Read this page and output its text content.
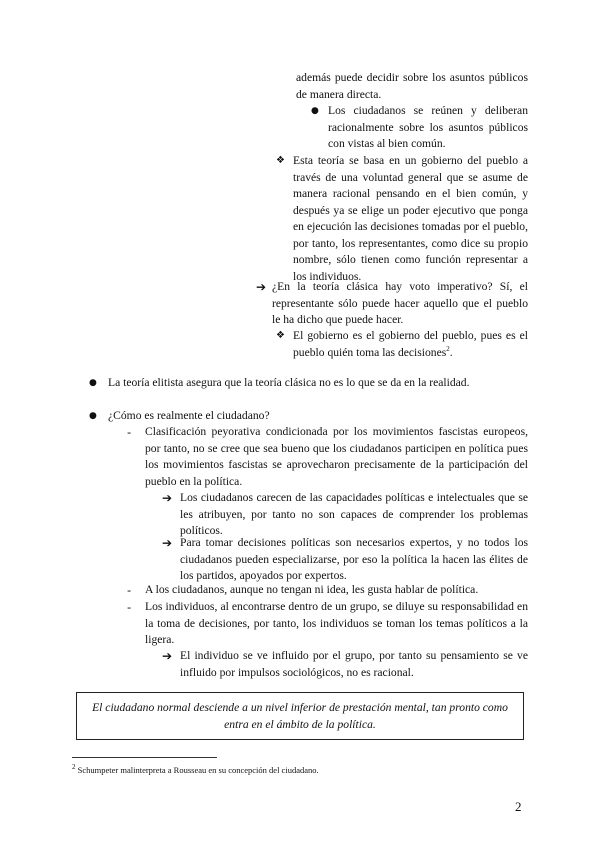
además puede decidir sobre los asuntos públicos de manera directa.

● Los ciudadanos se reúnen y deliberan racionalmente sobre los asuntos públicos con vistas al bien común.

❖ Esta teoría se basa en un gobierno del pueblo a través de una voluntad general que se asume de manera racional pensando en el bien común, y después ya se elige un poder ejecutivo que ponga en ejecución las decisiones tomadas por el pueblo, por tanto, los representantes, como dice su propio nombre, sólo tienen como función representar a los individuos.

➔ ¿En la teoría clásica hay voto imperativo? Sí, el representante sólo puede hacer aquello que el pueblo le ha dicho que puede hacer.

❖ El gobierno es el gobierno del pueblo, pues es el pueblo quién toma las decisiones$^2$.

● La teoría elitista asegura que la teoría clásica no es lo que se da en la realidad.

● ¿Cómo es realmente el ciudadano?

- Clasificación peyorativa condicionada por los movimientos fascistas europeos, por tanto, no se cree que sea bueno que los ciudadanos participen en política pues los movimientos fascistas se aprovecharon precisamente de la participación del pueblo en la política.

➔ Los ciudadanos carecen de las capacidades políticas e intelectuales que se les atribuyen, por tanto no son capaces de comprender los problemas políticos.

➔ Para tomar decisiones políticas son necesarios expertos, y no todos los ciudadanos pueden especializarse, por eso la política la hacen las élites de los partidos, apoyados por expertos.

- A los ciudadanos, aunque no tengan ni idea, les gusta hablar de política.

- Los individuos, al encontrarse dentro de un grupo, se diluye su responsabilidad en la toma de decisiones, por tanto, los individuos se toman los temas políticos a la ligera.

➔ El individuo se ve influido por el grupo, por tanto su pensamiento se ve influido por impulsos sociológicos, no es racional.

El ciudadano normal desciende a un nivel inferior de prestación mental, tan pronto como entra en el ámbito de la política.
$^2$ Schumpeter malinterpreta a Rousseau en su concepción del ciudadano.
2
